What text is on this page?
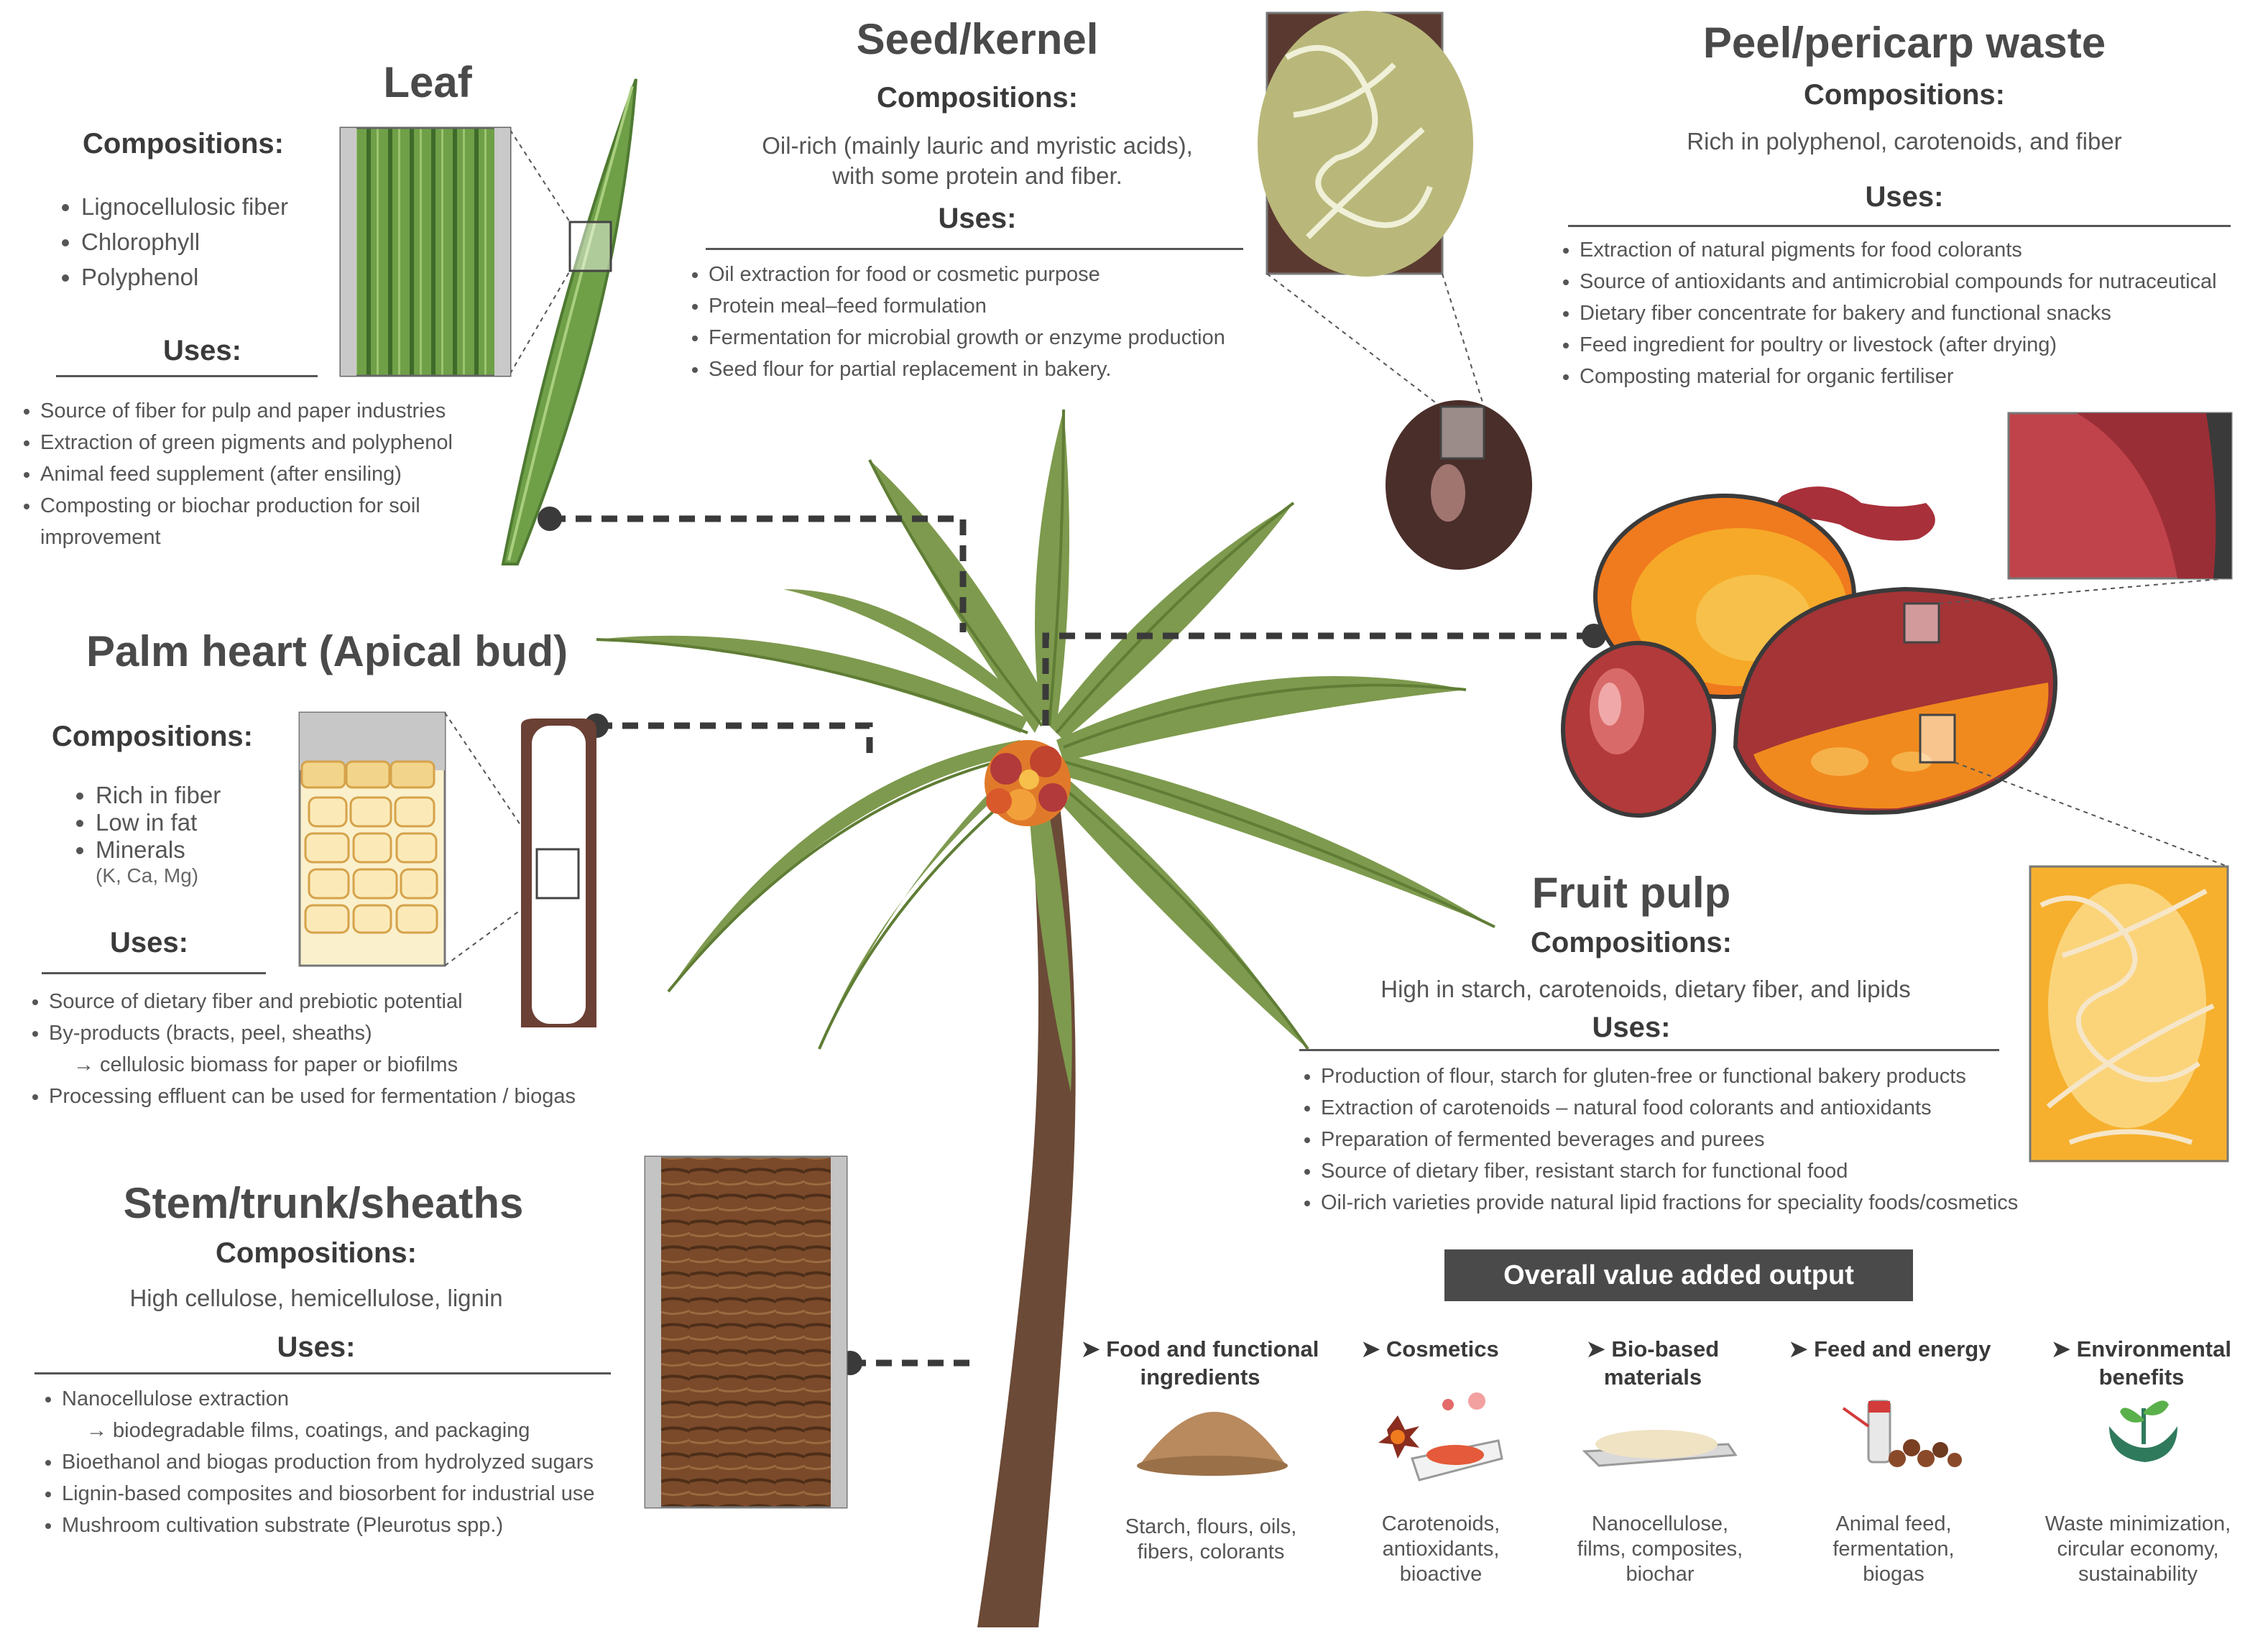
Leaf
Compositions:
• Lignocellulosic fiber
• Chlorophyll
• Polyphenol
Uses:
• Source of fiber for pulp and paper industries
• Extraction of green pigments and polyphenol
• Animal feed supplement (after ensiling)
• Composting or biochar production for soil improvement
Seed/kernel
Compositions:
Oil-rich (mainly lauric and myristic acids),
with some protein and fiber.
Uses:
• Oil extraction for food or cosmetic purpose
• Protein meal–feed formulation
• Fermentation for microbial growth or enzyme production
• Seed flour for partial replacement in bakery.
Peel/pericarp waste
Compositions:
Rich in polyphenol, carotenoids, and fiber
Uses:
• Extraction of natural pigments for food colorants
• Source of antioxidants and antimicrobial compounds for nutraceutical
• Dietary fiber concentrate for bakery and functional snacks
• Feed ingredient for poultry or livestock (after drying)
• Composting material for organic fertiliser
Palm heart (Apical bud)
Compositions:
• Rich in fiber
• Low in fat
• Minerals
(K, Ca, Mg)
Uses:
• Source of dietary fiber and prebiotic potential
• By-products (bracts, peel, sheaths)
→ cellulosic biomass for paper or biofilms
• Processing effluent can be used for fermentation / biogas
Fruit pulp
Compositions:
High in starch, carotenoids, dietary fiber, and lipids
Uses:
• Production of flour, starch for gluten-free or functional bakery products
• Extraction of carotenoids – natural food colorants and antioxidants
• Preparation of fermented beverages and purees
• Source of dietary fiber, resistant starch for functional food
• Oil-rich varieties provide natural lipid fractions for speciality foods/cosmetics
Stem/trunk/sheaths
Compositions:
High cellulose, hemicellulose, lignin
Uses:
• Nanocellulose extraction
→ biodegradable films, coatings, and packaging
• Bioethanol and biogas production from hydrolyzed sugars
• Lignin-based composites and biosorbent for industrial use
• Mushroom cultivation substrate (Pleurotus spp.)
Overall value added output
➤ Food and functional
ingredients
Starch, flours, oils,
fibers, colorants
➤ Cosmetics
Carotenoids,
antioxidants,
bioactive
➤ Bio-based
materials
Nanocellulose,
films, composites,
biochar
➤ Feed and energy
Animal feed,
fermentation,
biogas
➤ Environmental
benefits
Waste minimization,
circular economy,
sustainability
